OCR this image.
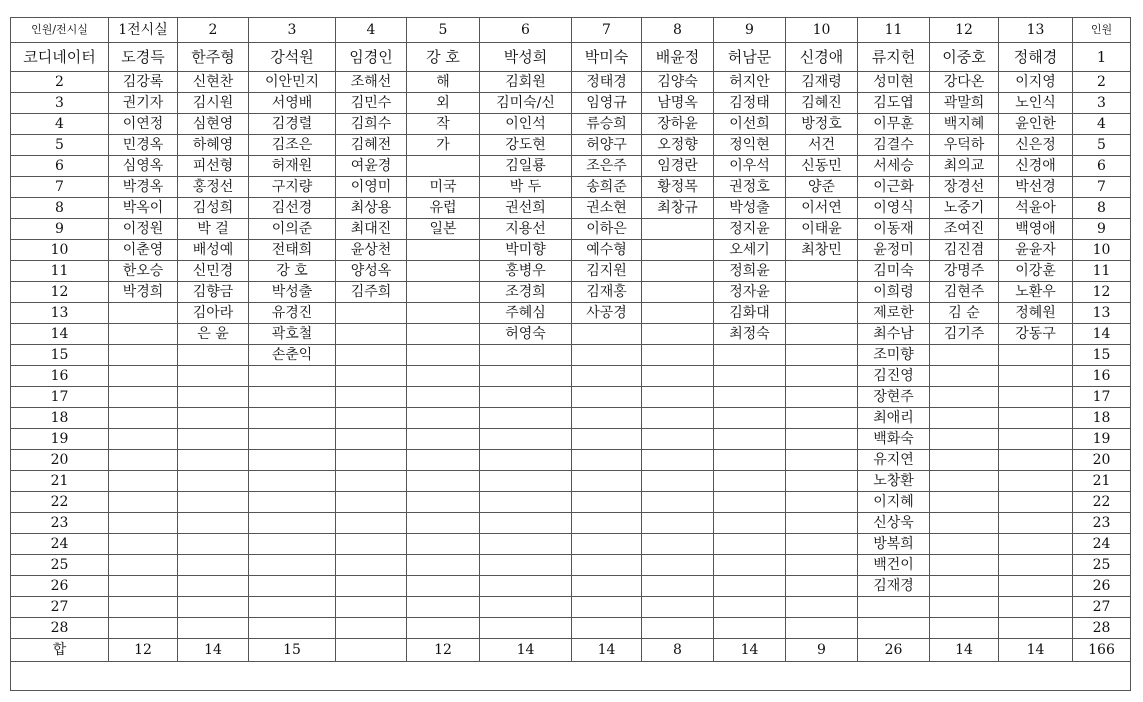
인원/전시실	1전시실	2	3	4	5	6	7	8	9	10	11	12	13	인원
코디네이터	도경득	한주형	강석원	임경인	강 호	박성희	박미숙	배윤정	허남문	신경애	류지헌	이중호	정해경	1
2	김강록	신현찬	이안민지	조해선	해	김회원	정태경	김양숙	허지안	김재령	성미현	강다온	이지영	2
3	권기자	김시원	서영배	김민수	외	김미숙/신	임영규	남명옥	김정태	김혜진	김도엽	곽말희	노인식	3
4	이연정	심현영	김경렬	김희수	작	이인석	류승희	장하윤	이선희	방정호	이무훈	백지혜	윤인한	4
5	민경옥	하혜영	김조은	김혜전	가	강도현	허양구	오정향	정익현	서건	김결수	우덕하	신은정	5
6	심영옥	피선형	허재원	여윤경		김일룡	조은주	임경란	이우석	신동민	서세승	최의교	신경애	6
7	박경옥	홍정선	구지량	이영미	미국	박 두	송희준	황정목	권정호	양준	이근화	장경선	박선경	7
8	박옥이	김성희	김선경	최상용	유럽	권선희	권소현	최창규	박성출	이서연	이영식	노중기	석윤아	8
9	이정원	박 걸	이의준	최대진	일본	지용선	이하은		정지윤	이태윤	이동재	조여진	백영애	9
10	이춘영	배성예	전태희	윤상천		박미향	예수형		오세기	최창민	윤정미	김진겸	윤윤자	10
11	한오승	신민경	강 호	양성옥		홍병우	김지원		정희윤		김미숙	강명주	이강훈	11
12	박경희	김향금	박성출	김주희		조경희	김재홍		정자윤		이희령	김현주	노환우	12
13		김아라	유경진			주혜심	사공경		김화대		제로한	김 순	정혜원	13
14		은 윤	곽호철			허영숙			최정숙		최수남	김기주	강동구	14
15			손춘익								조미향			15
16											김진영			16
17											장현주			17
18											최애리			18
19											백화숙			19
20											유지연			20
21											노창환			21
22											이지혜			22
23											신상욱			23
24											방복희			24
25											백건이			25
26											김재경			26
27														27
28														28
합	12	14	15		12	14	14	8	14	9	26	14	14	166
